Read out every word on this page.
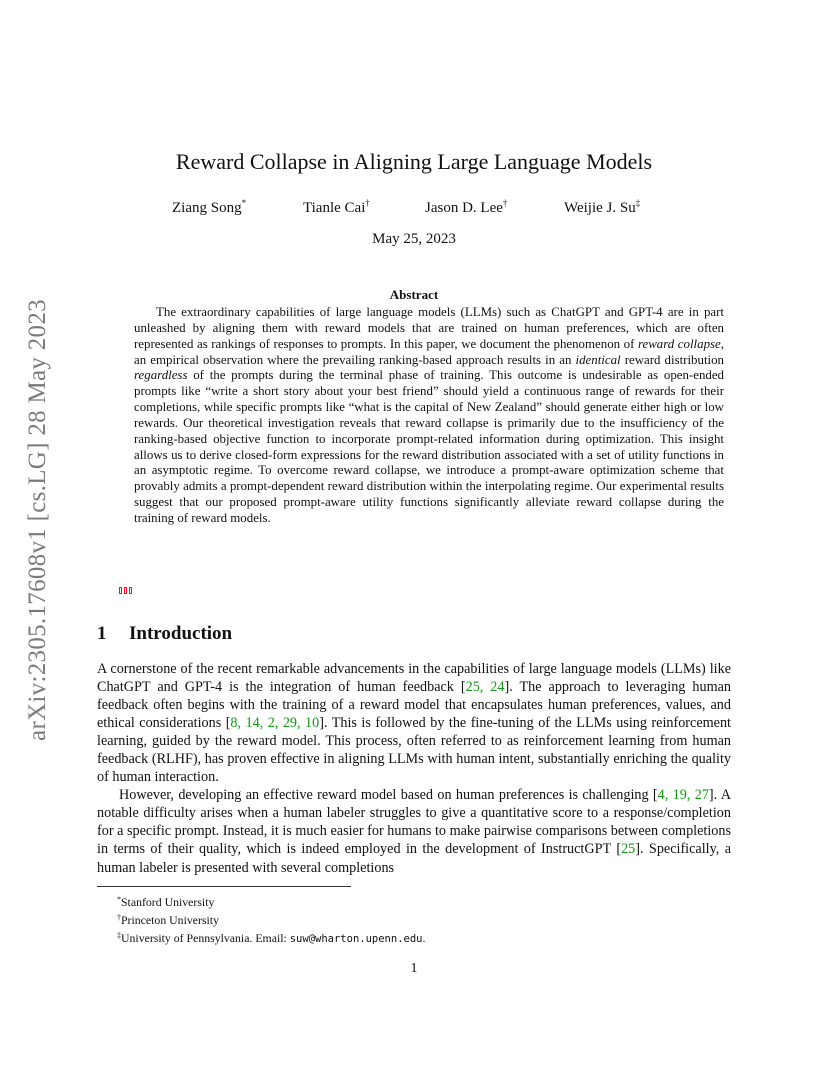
arXiv:2305.17608v1 [cs.LG] 28 May 2023
Reward Collapse in Aligning Large Language Models
Ziang Song*	Tianle Cai†	Jason D. Lee†	Weijie J. Su‡
May 25, 2023
Abstract
The extraordinary capabilities of large language models (LLMs) such as ChatGPT and GPT-4 are in part unleashed by aligning them with reward models that are trained on human preferences, which are often represented as rankings of responses to prompts. In this paper, we document the phenomenon of reward collapse, an empirical observation where the prevailing ranking-based approach results in an identical reward distribution regardless of the prompts during the terminal phase of training. This outcome is undesirable as open-ended prompts like “write a short story about your best friend” should yield a continuous range of rewards for their completions, while specific prompts like “what is the capital of New Zealand” should generate either high or low rewards. Our theoretical investigation reveals that reward collapse is primarily due to the insufficiency of the ranking-based objective function to incorporate prompt-related information during optimization. This insight allows us to derive closed-form expressions for the reward distribution associated with a set of utility functions in an asymptotic regime. To overcome reward collapse, we introduce a prompt-aware optimization scheme that provably admits a prompt-dependent reward distribution within the interpolating regime. Our experimental results suggest that our proposed prompt-aware utility functions significantly alleviate reward collapse during the training of reward models.
1 Introduction

A cornerstone of the recent remarkable advancements in the capabilities of large language models (LLMs) like ChatGPT and GPT-4 is the integration of human feedback [25, 24]. The approach to leveraging human feedback often begins with the training of a reward model that encapsulates human preferences, values, and ethical considerations [8, 14, 2, 29, 10]. This is followed by the fine-tuning of the LLMs using reinforcement learning, guided by the reward model. This process, often referred to as reinforcement learning from human feedback (RLHF), has proven effective in aligning LLMs with human intent, substantially enriching the quality of human interaction.

However, developing an effective reward model based on human preferences is challenging [4, 19, 27]. A notable difficulty arises when a human labeler struggles to give a quantitative score to a response/completion for a specific prompt. Instead, it is much easier for humans to make pairwise comparisons between completions in terms of their quality, which is indeed employed in the development of InstructGPT [25]. Specifically, a human labeler is presented with several completions

*Stanford University
†Princeton University
‡University of Pennsylvania. Email: suw@wharton.upenn.edu.
1
